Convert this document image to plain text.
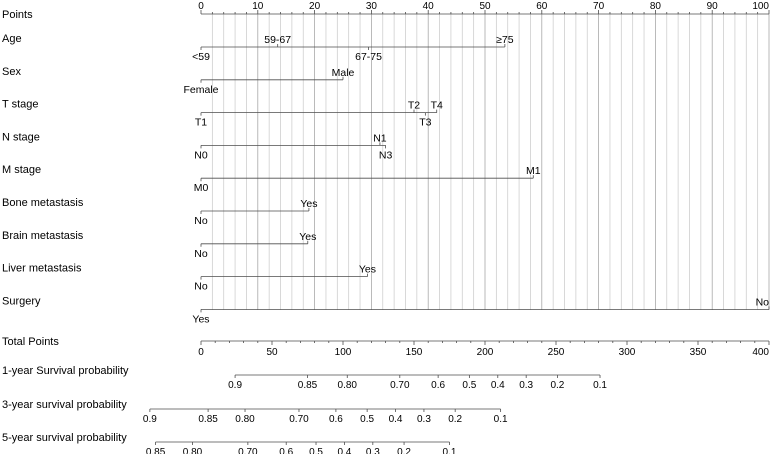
0	10	20	30	40	50	60	70	80	90	100
<59
59-67
67-75
≥75
Female
Male
T1
T2
T3
T4
N0
N1
N3
M0
M1
No
Yes
No
Yes
No
Yes
Yes
No
0	50	100	150	200	250	300	350	400
0.9	0.85 0.80	0.70 0.6 0.5 0.4 0.3 0.2	0.1
0.9	0.85 0.80	0.70 0.6 0.5 0.4 0.3 0.2	0.1
0.85 0.80	0.70 0.6 0.5 0.4 0.3 0.2	0.1
Points
Age
Sex
T stage
N stage
M stage
Bone metastasis
Brain metastasis
Liver metastasis
Surgery
Total Points
1-year Survival probability
3-year survival probability
5-year survival probability
